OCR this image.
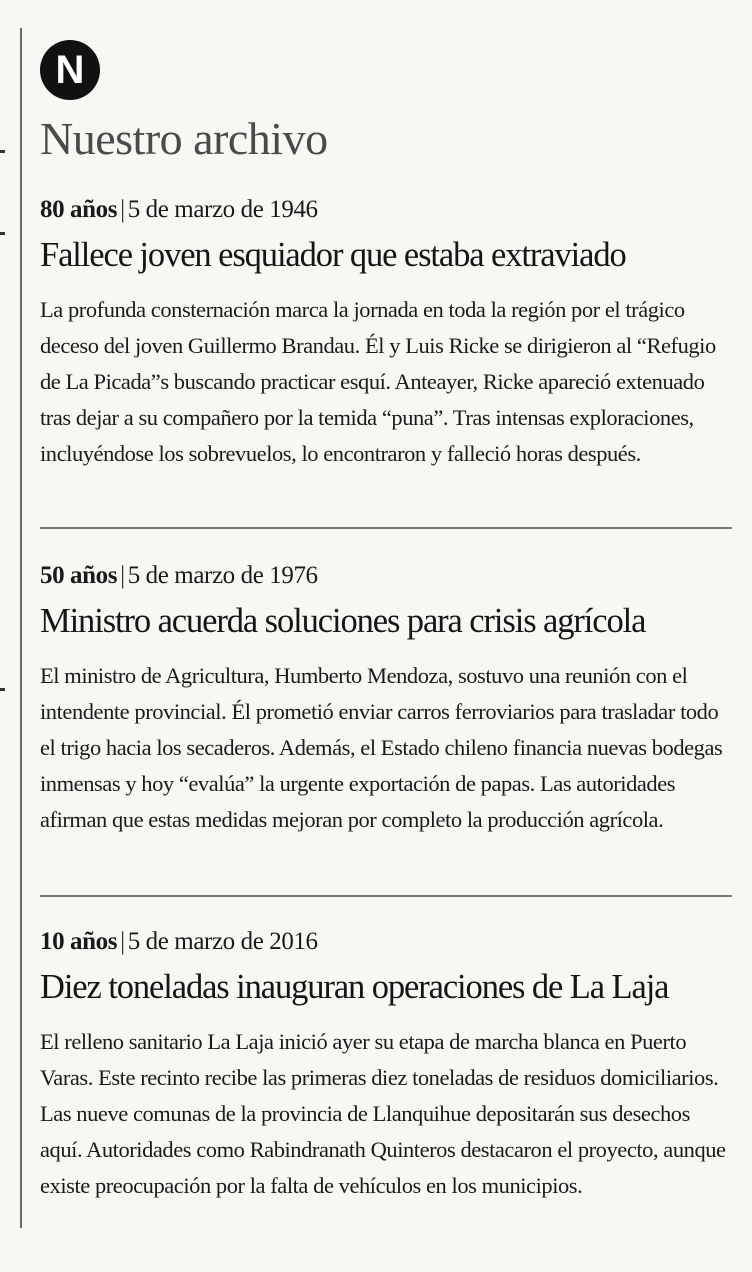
N
Nuestro archivo
80 años | 5 de marzo de 1946
Fallece joven esquiador que estaba extraviado
La profunda consternación marca la jornada en toda la región por el trágico deceso del joven Guillermo Brandau. Él y Luis Ricke se dirigieron al “Refugio de La Picada”s buscando practicar esquí. Anteayer, Ricke apareció extenuado tras dejar a su compañero por la temida “puna”. Tras intensas exploraciones, incluyéndose los sobrevuelos, lo encontraron y falleció horas después.
50 años | 5 de marzo de 1976
Ministro acuerda soluciones para crisis agrícola
El ministro de Agricultura, Humberto Mendoza, sostuvo una reunión con el intendente provincial. Él prometió enviar carros ferroviarios para trasladar todo el trigo hacia los secaderos. Además, el Estado chileno financia nuevas bodegas inmensas y hoy “evalúa” la urgente exportación de papas. Las autoridades afirman que estas medidas mejoran por completo la producción agrícola.
10 años | 5 de marzo de 2016
Diez toneladas inauguran operaciones de La Laja
El relleno sanitario La Laja inició ayer su etapa de marcha blanca en Puerto Varas. Este recinto recibe las primeras diez toneladas de residuos domiciliarios. Las nueve comunas de la provincia de Llanquihue depositarán sus desechos aquí. Autoridades como Rabindranath Quinteros destacaron el proyecto, aunque existe preocupación por la falta de vehículos en los municipios.
